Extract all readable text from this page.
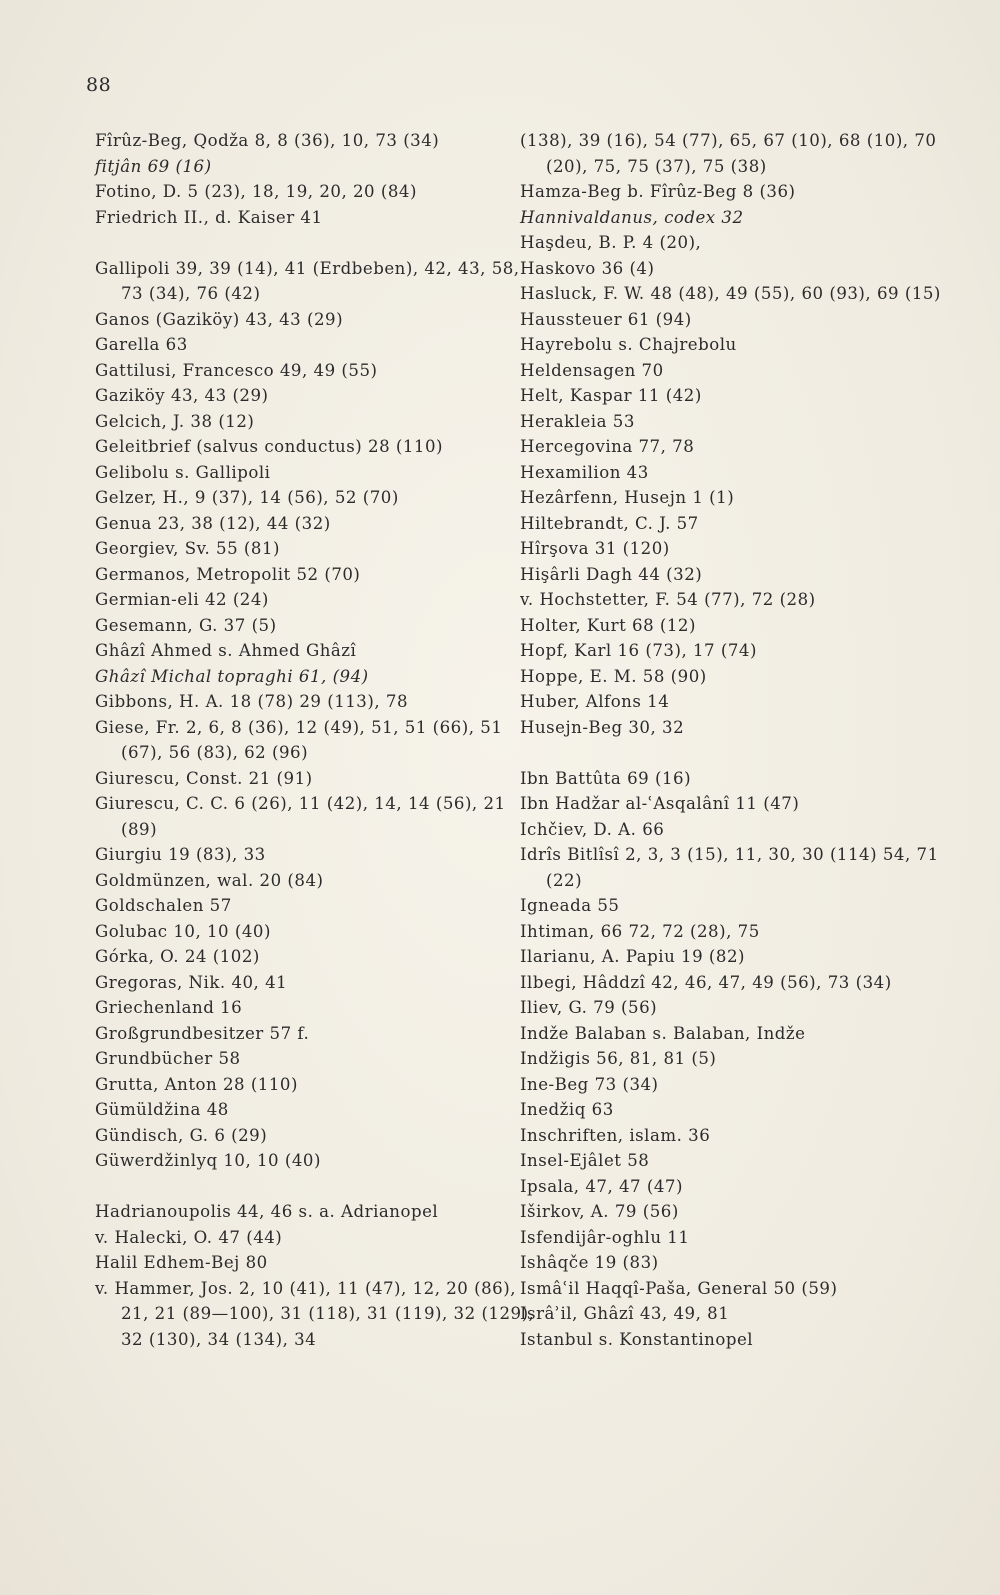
88
Fîrûz-Beg, Qodža 8, 8 (36), 10, 73 (34)
fitjân 69 (16)
Fotino, D. 5 (23), 18, 19, 20, 20 (84)
Friedrich II., d. Kaiser 41
Gallipoli 39, 39 (14), 41 (Erdbeben), 42, 43, 58, 73 (34), 76 (42)
Ganos (Gaziköy) 43, 43 (29)
Garella 63
Gattilusi, Francesco 49, 49 (55)
Gaziköy 43, 43 (29)
Gelcich, J. 38 (12)
Geleitbrief (salvus conductus) 28 (110)
Gelibolu s. Gallipoli
Gelzer, H., 9 (37), 14 (56), 52 (70)
Genua 23, 38 (12), 44 (32)
Georgiev, Sv. 55 (81)
Germanos, Metropolit 52 (70)
Germian-eli 42 (24)
Gesemann, G. 37 (5)
Ghâzî Ahmed s. Ahmed Ghâzî
Ghâzî Michal topraghi 61, (94)
Gibbons, H. A. 18 (78) 29 (113), 78
Giese, Fr. 2, 6, 8 (36), 12 (49), 51, 51 (66), 51 (67), 56 (83), 62 (96)
Giurescu, Const. 21 (91)
Giurescu, C. C. 6 (26), 11 (42), 14, 14 (56), 21 (89)
Giurgiu 19 (83), 33
Goldmünzen, wal. 20 (84)
Goldschalen 57
Golubac 10, 10 (40)
Górka, O. 24 (102)
Gregoras, Nik. 40, 41
Griechenland 16
Großgrundbesitzer 57 f.
Grundbücher 58
Grutta, Anton 28 (110)
Gümüldžina 48
Gündisch, G. 6 (29)
Güwerdžinlyq 10, 10 (40)
Hadrianoupolis 44, 46 s. a. Adrianopel
v. Halecki, O. 47 (44)
Halil Edhem-Bej 80
v. Hammer, Jos. 2, 10 (41), 11 (47), 12, 20 (86), 21, 21 (89—100), 31 (118), 31 (119), 32 (129), 32 (130), 34 (134), 34
(138), 39 (16), 54 (77), 65, 67 (10), 68 (10), 70 (20), 75, 75 (37), 75 (38)
Hamza-Beg b. Fîrûz-Beg 8 (36)
Hannivaldanus, codex 32
Haşdeu, B. P. 4 (20),
Haskovo 36 (4)
Hasluck, F. W. 48 (48), 49 (55), 60 (93), 69 (15)
Haussteuer 61 (94)
Hayrebolu s. Chajrebolu
Heldensagen 70
Helt, Kaspar 11 (42)
Herakleia 53
Hercegovina 77, 78
Hexamilion 43
Hezârfenn, Husejn 1 (1)
Hiltebrandt, C. J. 57
Hîrşova 31 (120)
Hişârli Dagh 44 (32)
v. Hochstetter, F. 54 (77), 72 (28)
Holter, Kurt 68 (12)
Hopf, Karl 16 (73), 17 (74)
Hoppe, E. M. 58 (90)
Huber, Alfons 14
Husejn-Beg 30, 32
Ibn Battûta 69 (16)
Ibn Hadžar al-ʿAsqalânî 11 (47)
Ichčiev, D. A. 66
Idrîs Bitlîsî 2, 3, 3 (15), 11, 30, 30 (114) 54, 71 (22)
Igneada 55
Ihtiman, 66 72, 72 (28), 75
Ilarianu, A. Papiu 19 (82)
Ilbegi, Hâddzî 42, 46, 47, 49 (56), 73 (34)
Iliev, G. 79 (56)
Indže Balaban s. Balaban, Indže
Indžigis 56, 81, 81 (5)
Ine-Beg 73 (34)
Inedžiq 63
Inschriften, islam. 36
Insel-Ejâlet 58
Ipsala, 47, 47 (47)
Iširkov, A. 79 (56)
Isfendijâr-oghlu 11
Ishâqče 19 (83)
Ismâʿil Haqqî-Paša, General 50 (59)
Isrâʾil, Ghâzî 43, 49, 81
Istanbul s. Konstantinopel
